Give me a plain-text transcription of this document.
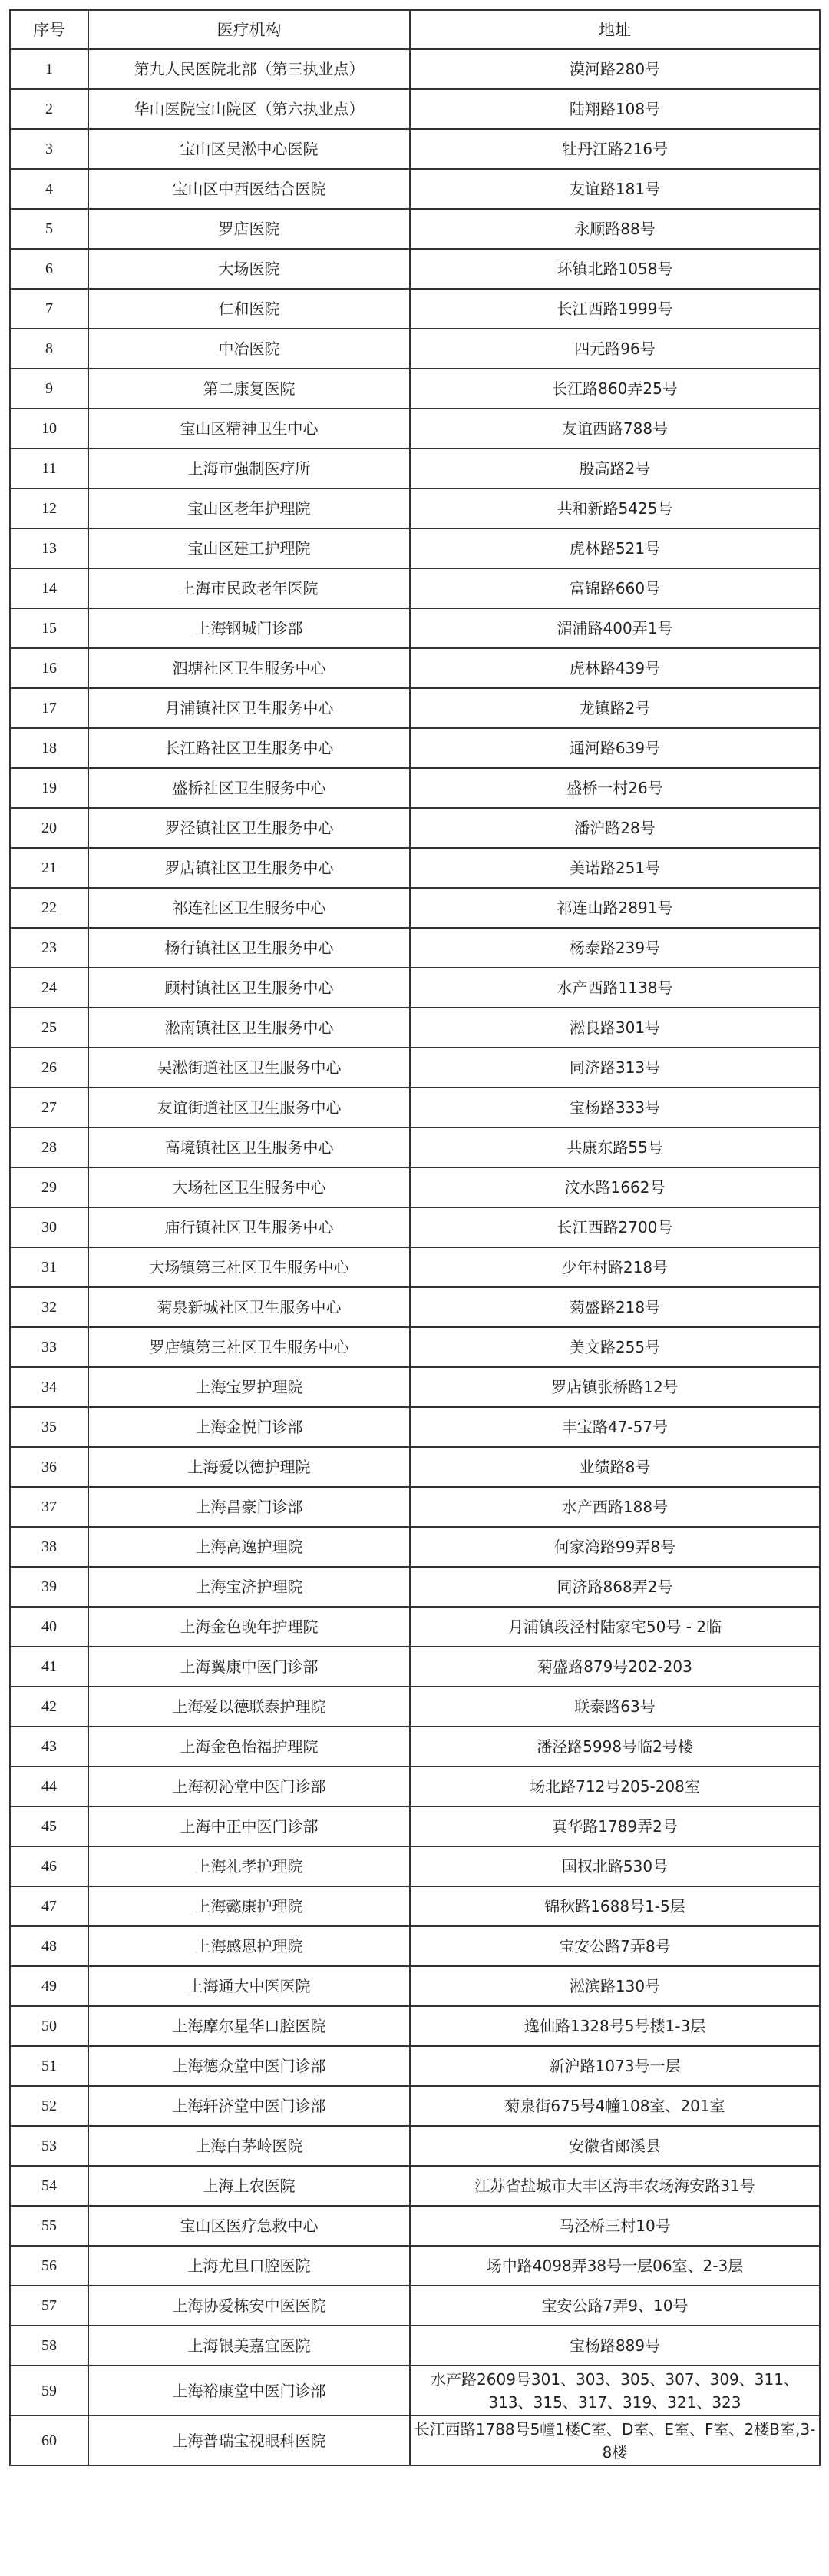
序号	医疗机构	地址
1	第九人民医院北部（第三执业点）	漠河路280号
2	华山医院宝山院区（第六执业点）	陆翔路108号
3	宝山区吴淞中心医院	牡丹江路216号
4	宝山区中西医结合医院	友谊路181号
5	罗店医院	永顺路88号
6	大场医院	环镇北路1058号
7	仁和医院	长江西路1999号
8	中冶医院	四元路96号
9	第二康复医院	长江路860弄25号
10	宝山区精神卫生中心	友谊西路788号
11	上海市强制医疗所	殷高路2号
12	宝山区老年护理院	共和新路5425号
13	宝山区建工护理院	虎林路521号
14	上海市民政老年医院	富锦路660号
15	上海钢城门诊部	湄浦路400弄1号
16	泗塘社区卫生服务中心	虎林路439号
17	月浦镇社区卫生服务中心	龙镇路2号
18	长江路社区卫生服务中心	通河路639号
19	盛桥社区卫生服务中心	盛桥一村26号
20	罗泾镇社区卫生服务中心	潘沪路28号
21	罗店镇社区卫生服务中心	美诺路251号
22	祁连社区卫生服务中心	祁连山路2891号
23	杨行镇社区卫生服务中心	杨泰路239号
24	顾村镇社区卫生服务中心	水产西路1138号
25	淞南镇社区卫生服务中心	淞良路301号
26	吴淞街道社区卫生服务中心	同济路313号
27	友谊街道社区卫生服务中心	宝杨路333号
28	高境镇社区卫生服务中心	共康东路55号
29	大场社区卫生服务中心	汶水路1662号
30	庙行镇社区卫生服务中心	长江西路2700号
31	大场镇第三社区卫生服务中心	少年村路218号
32	菊泉新城社区卫生服务中心	菊盛路218号
33	罗店镇第三社区卫生服务中心	美文路255号
34	上海宝罗护理院	罗店镇张桥路12号
35	上海金悦门诊部	丰宝路47-57号
36	上海爱以德护理院	业绩路8号
37	上海昌豪门诊部	水产西路188号
38	上海高逸护理院	何家湾路99弄8号
39	上海宝济护理院	同济路868弄2号
40	上海金色晚年护理院	月浦镇段泾村陆家宅50号 - 2临
41	上海翼康中医门诊部	菊盛路879号202-203
42	上海爱以德联泰护理院	联泰路63号
43	上海金色怡福护理院	潘泾路5998号临2号楼
44	上海初沁堂中医门诊部	场北路712号205-208室
45	上海中正中医门诊部	真华路1789弄2号
46	上海礼孝护理院	国权北路530号
47	上海懿康护理院	锦秋路1688号1-5层
48	上海感恩护理院	宝安公路7弄8号
49	上海通大中医医院	淞滨路130号
50	上海摩尔星华口腔医院	逸仙路1328号5号楼1-3层
51	上海德众堂中医门诊部	新沪路1073号一层
52	上海轩济堂中医门诊部	菊泉街675号4幢108室、201室
53	上海白茅岭医院	安徽省郎溪县
54	上海上农医院	江苏省盐城市大丰区海丰农场海安路31号
55	宝山区医疗急救中心	马泾桥三村10号
56	上海尤旦口腔医院	场中路4098弄38号一层06室、2-3层
57	上海协爱栋安中医医院	宝安公路7弄9、10号
58	上海银美嘉宜医院	宝杨路889号
59	上海裕康堂中医门诊部	水产路2609号301、303、305、307、309、311、313、315、317、319、321、323
60	上海普瑞宝视眼科医院	长江西路1788号5幢1楼C室、D室、E室、F室、2楼B室,3-8楼
